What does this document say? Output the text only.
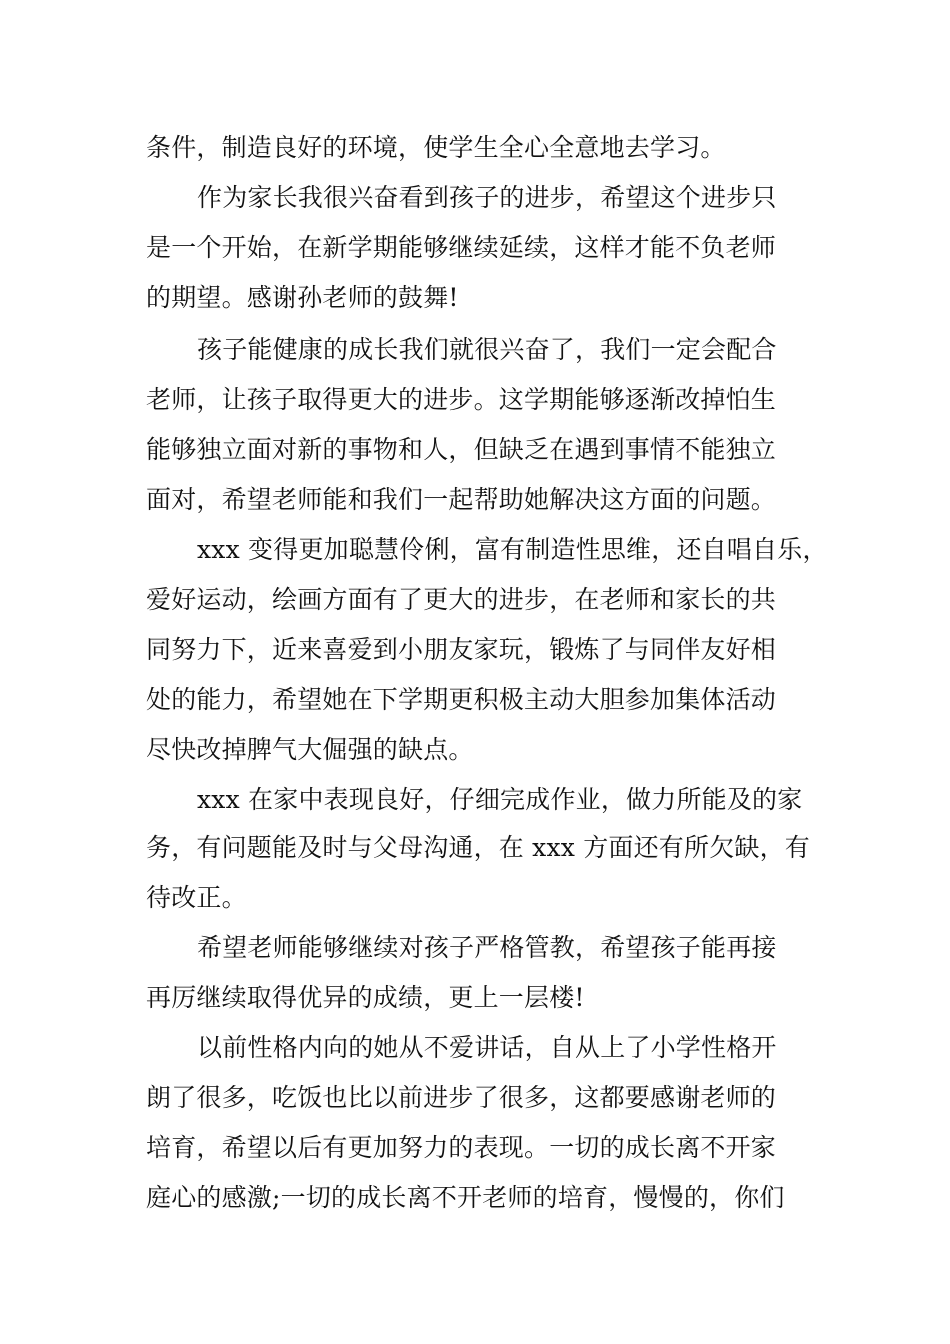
条件，制造良好的环境，使学生全心全意地去学习。
作为家长我很兴奋看到孩子的进步，希望这个进步只
是一个开始，在新学期能够继续延续，这样才能不负老师
的期望。感谢孙老师的鼓舞!
孩子能健康的成长我们就很兴奋了，我们一定会配合
老师，让孩子取得更大的进步。这学期能够逐渐改掉怕生
能够独立面对新的事物和人，但缺乏在遇到事情不能独立
面对，希望老师能和我们一起帮助她解决这方面的问题。
xxx 变得更加聪慧伶俐，富有制造性思维，还自唱自乐，
爱好运动，绘画方面有了更大的进步，在老师和家长的共
同努力下，近来喜爱到小朋友家玩，锻炼了与同伴友好相
处的能力，希望她在下学期更积极主动大胆参加集体活动
尽快改掉脾气大倔强的缺点。
xxx 在家中表现良好，仔细完成作业，做力所能及的家
务，有问题能及时与父母沟通，在 xxx 方面还有所欠缺，有
待改正。
希望老师能够继续对孩子严格管教，希望孩子能再接
再厉继续取得优异的成绩，更上一层楼!
以前性格内向的她从不爱讲话，自从上了小学性格开
朗了很多，吃饭也比以前进步了很多，这都要感谢老师的
培育，希望以后有更加努力的表现。一切的成长离不开家
庭心的感激;一切的成长离不开老师的培育，慢慢的，你们
